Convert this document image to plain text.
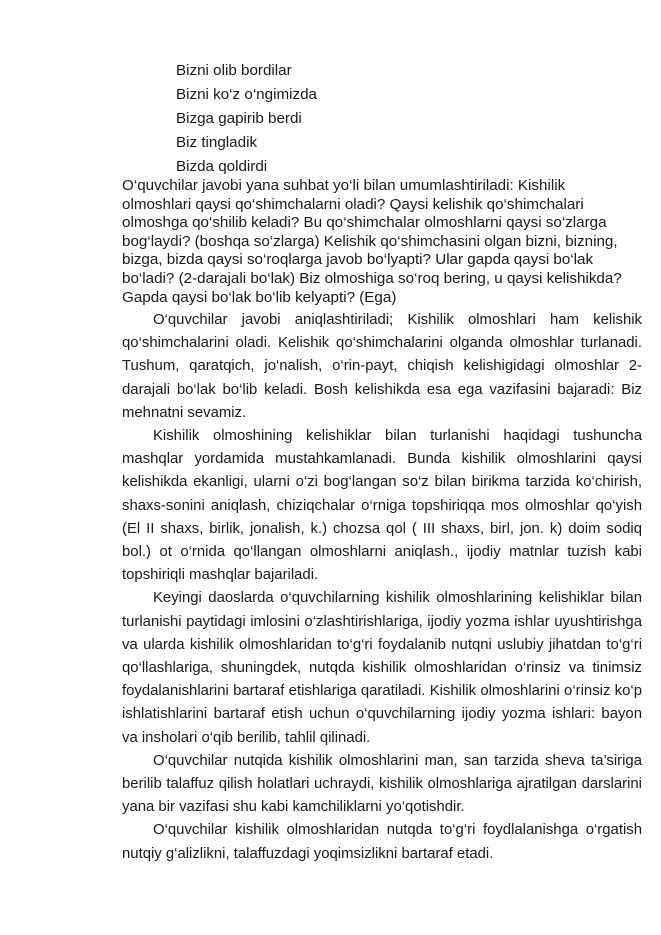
Bizni olib bordilar
Bizni ko‘z o‘ngimizda
Bizga gapirib berdi
Biz tingladik
Bizda qoldirdi

O‘quvchilar javobi yana suhbat yo‘li bilan umumlashtiriladi: Kishilik olmoshlari qaysi qo‘shimchalarni oladi? Qaysi kelishik qo‘shimchalari olmoshga qo‘shilib keladi? Bu qo‘shimchalar olmoshlarni qaysi so‘zlarga bog‘laydi? (boshqa so‘zlarga) Kelishik qo‘shimchasini olgan bizni, bizning, bizga, bizda qaysi so‘roqlarga javob bo‘lyapti? Ular gapda qaysi bo‘lak bo‘ladi? (2-darajali bo‘lak) Biz olmoshiga so‘roq bering, u qaysi kelishikda? Gapda qaysi bo‘lak bo‘lib kelyapti? (Ega)

O‘quvchilar javobi aniqlashtiriladi; Kishilik olmoshlari ham kelishik qo‘shimchalarini oladi. Kelishik qo‘shimchalarini olganda olmoshlar turlanadi. Tushum, qaratqich, jo‘nalish, o‘rin-payt, chiqish kelishigidagi olmoshlar 2-darajali bo‘lak bo‘lib keladi. Bosh kelishikda esa ega vazifasini bajaradi: Biz mehnatni sevamiz.

Kishilik olmoshining kelishiklar bilan turlanishi haqidagi tushuncha mashqlar yordamida mustahkamlanadi. Bunda kishilik olmoshlarini qaysi kelishikda ekanligi, ularni o‘zi bog‘langan so‘z bilan birikma tarzida ko‘chirish, shaxs-sonini aniqlash, chiziqchalar o‘rniga topshiriqqa mos olmoshlar qo‘yish (El II shaxs, birlik, jonalish, k.) chozsa qol ( III shaxs, birl, jon. k) doim sodiq bol.) ot o‘rnida qo‘llangan olmoshlarni aniqlash., ijodiy matnlar tuzish kabi topshiriqli mashqlar bajariladi.

Keyingi daoslarda o‘quvchilarning kishilik olmoshlarining kelishiklar bilan turlanishi paytidagi imlosini o‘zlashtirishlariga, ijodiy yozma ishlar uyushtirishga va ularda kishilik olmoshlaridan to‘g‘ri foydalanib nutqni uslubiy jihatdan to‘g‘ri qo‘llashlariga, shuningdek, nutqda kishilik olmoshlaridan o‘rinsiz va tinimsiz foydalanishlarini bartaraf etishlariga qaratiladi. Kishilik olmoshlarini o‘rinsiz ko‘p ishlatishlarini bartaraf etish uchun o‘quvchilarning ijodiy yozma ishlari: bayon va insholari o‘qib berilib, tahlil qilinadi.

O‘quvchilar nutqida kishilik olmoshlarini man, san tarzida sheva ta’siriga berilib talaffuz qilish holatlari uchraydi, kishilik olmoshlariga ajratilgan darslarini yana bir vazifasi shu kabi kamchiliklarni yo‘qotishdir.

O‘quvchilar kishilik olmoshlaridan nutqda to‘g‘ri foydlalanishga o‘rgatish nutqiy g‘alizlikni, talaffuzdagi yoqimsizlikni bartaraf etadi.
